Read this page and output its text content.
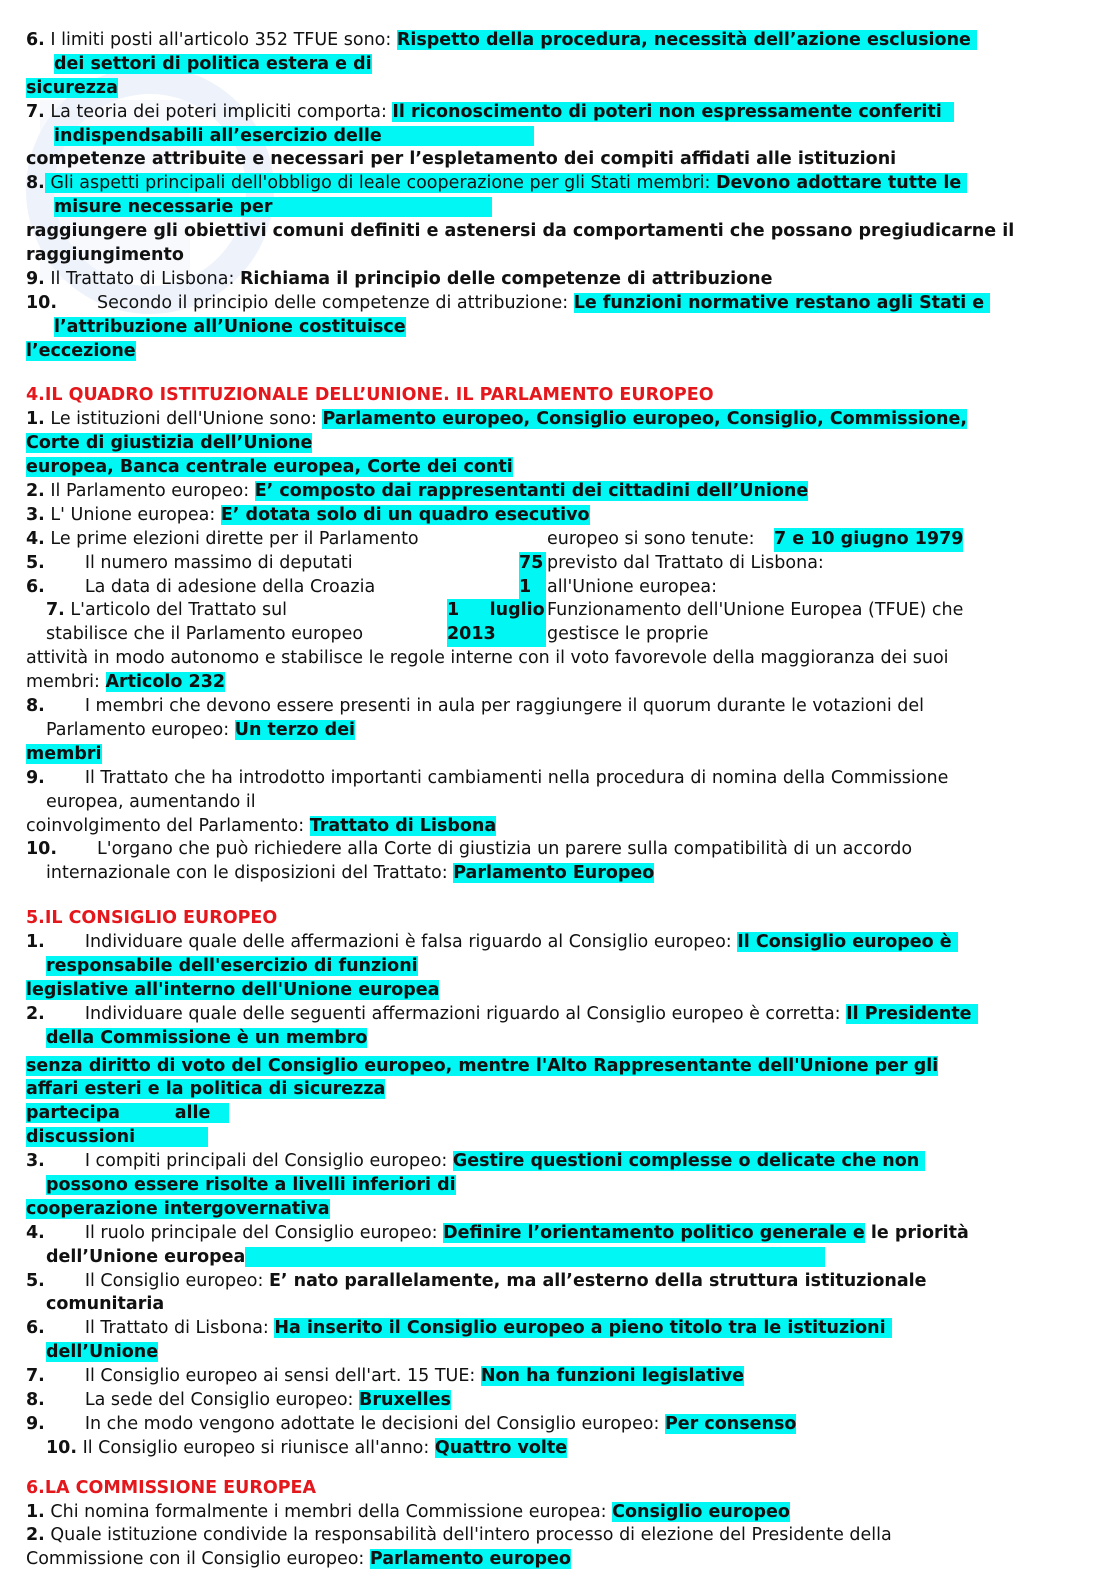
6. I limiti posti all'articolo 352 TFUE sono: Rispetto della procedura, necessità dell’azione esclusione
dei settori di politica estera e di
sicurezza
7. La teoria dei poteri impliciti comporta: Il riconoscimento di poteri non espressamente conferiti
indispendsabili all’esercizio delle
competenze attribuite e necessari per l’espletamento dei compiti affidati alle istituzioni
8. Gli aspetti principali dell'obbligo di leale cooperazione per gli Stati membri: Devono adottare tutte le
misure necessarie per
raggiungere gli obiettivi comuni definiti e astenersi da comportamenti che possano pregiudicarne il
raggiungimento
9. Il Trattato di Lisbona: Richiama il principio delle competenze di attribuzione
10. Secondo il principio delle competenze di attribuzione: Le funzioni normative restano agli Stati e
l’attribuzione all’Unione costituisce
l’eccezione
4.IL QUADRO ISTITUZIONALE DELL’UNIONE. IL PARLAMENTO EUROPEO
1. Le istituzioni dell'Unione sono: Parlamento europeo, Consiglio europeo, Consiglio, Commissione,
Corte di giustizia dell’Unione
europea, Banca centrale europea, Corte dei conti
2. Il Parlamento europeo: E’ composto dai rappresentanti dei cittadini dell’Unione
3. L' Unione europea: E’ dotata solo di un quadro esecutivo
4. Le prime elezioni dirette per il Parlamento	europeo si sono tenute: 7 e 10 giugno 1979
5. Il numero massimo di deputati	75 previsto dal Trattato di Lisbona:
6. La data di adesione della Croazia	1 all'Unione europea:
7. L'articolo del Trattato sul	1     luglio Funzionamento dell'Unione Europea (TFUE) che
stabilisce che il Parlamento europeo	2013	gestisce le proprie
attività in modo autonomo e stabilisce le regole interne con il voto favorevole della maggioranza dei suoi
membri: Articolo 232
8. I membri che devono essere presenti in aula per raggiungere il quorum durante le votazioni del
Parlamento europeo: Un terzo dei
membri
9. Il Trattato che ha introdotto importanti cambiamenti nella procedura di nomina della Commissione
europea, aumentando il
coinvolgimento del Parlamento: Trattato di Lisbona
10. L'organo che può richiedere alla Corte di giustizia un parere sulla compatibilità di un accordo
internazionale con le disposizioni del Trattato: Parlamento Europeo
5.IL CONSIGLIO EUROPEO
1. Individuare quale delle affermazioni è falsa riguardo al Consiglio europeo: Il Consiglio europeo è
responsabile dell'esercizio di funzioni
legislative all'interno dell'Unione europea
2. Individuare quale delle seguenti affermazioni riguardo al Consiglio europeo è corretta: Il Presidente
della Commissione è un membro
senza diritto di voto del Consiglio europeo, mentre l'Alto Rappresentante dell'Unione per gli
affari esteri e la politica di sicurezza
partecipa         alle
discussioni
3. I compiti principali del Consiglio europeo: Gestire questioni complesse o delicate che non
possono essere risolte a livelli inferiori di
cooperazione intergovernativa
4. Il ruolo principale del Consiglio europeo: Definire l’orientamento politico generale e le priorità
dell’Unione europea
5. Il Consiglio europeo: E’ nato parallelamente, ma all’esterno della struttura istituzionale
comunitaria
6. Il Trattato di Lisbona: Ha inserito il Consiglio europeo a pieno titolo tra le istituzioni
dell’Unione
7. Il Consiglio europeo ai sensi dell'art. 15 TUE: Non ha funzioni legislative
8. La sede del Consiglio europeo: Bruxelles
9. In che modo vengono adottate le decisioni del Consiglio europeo: Per consenso
10. Il Consiglio europeo si riunisce all'anno: Quattro volte
6.LA COMMISSIONE EUROPEA
1. Chi nomina formalmente i membri della Commissione europea: Consiglio europeo
2. Quale istituzione condivide la responsabilità dell'intero processo di elezione del Presidente della
Commissione con il Consiglio europeo: Parlamento europeo
